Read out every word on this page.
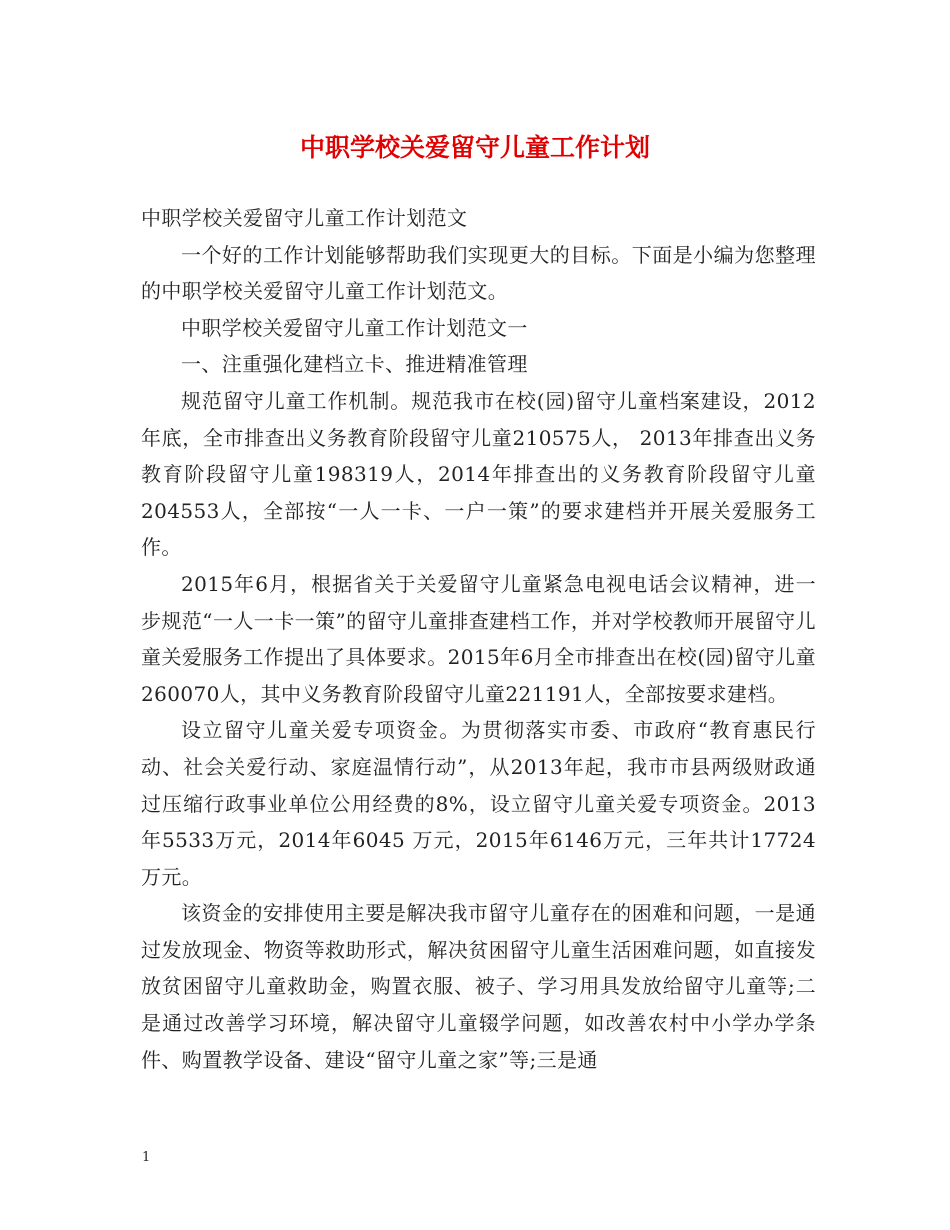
中职学校关爱留守儿童工作计划

中职学校关爱留守儿童工作计划范文

一个好的工作计划能够帮助我们实现更大的目标。下面是小编为您整理的中职学校关爱留守儿童工作计划范文。

中职学校关爱留守儿童工作计划范文一

一、注重强化建档立卡、推进精准管理

规范留守儿童工作机制。规范我市在校(园)留守儿童档案建设，2012年底，全市排查出义务教育阶段留守儿童210575人， 2013年排查出义务教育阶段留守儿童198319人，2014年排查出的义务教育阶段留守儿童204553人，全部按“一人一卡、一户一策”的要求建档并开展关爱服务工作。

2015年6月，根据省关于关爱留守儿童紧急电视电话会议精神，进一步规范“一人一卡一策”的留守儿童排查建档工作，并对学校教师开展留守儿童关爱服务工作提出了具体要求。2015年6月全市排查出在校(园)留守儿童260070人，其中义务教育阶段留守儿童221191人，全部按要求建档。

设立留守儿童关爱专项资金。为贯彻落实市委、市政府“教育惠民行动、社会关爱行动、家庭温情行动”，从2013年起，我市市县两级财政通过压缩行政事业单位公用经费的8%，设立留守儿童关爱专项资金。2013年5533万元，2014年6045 万元，2015年6146万元，三年共计17724万元。

该资金的安排使用主要是解决我市留守儿童存在的困难和问题，一是通过发放现金、物资等救助形式，解决贫困留守儿童生活困难问题，如直接发放贫困留守儿童救助金，购置衣服、被子、学习用具发放给留守儿童等;二是通过改善学习环境，解决留守儿童辍学问题，如改善农村中小学办学条件、购置教学设备、建设“留守儿童之家”等;三是通

1
